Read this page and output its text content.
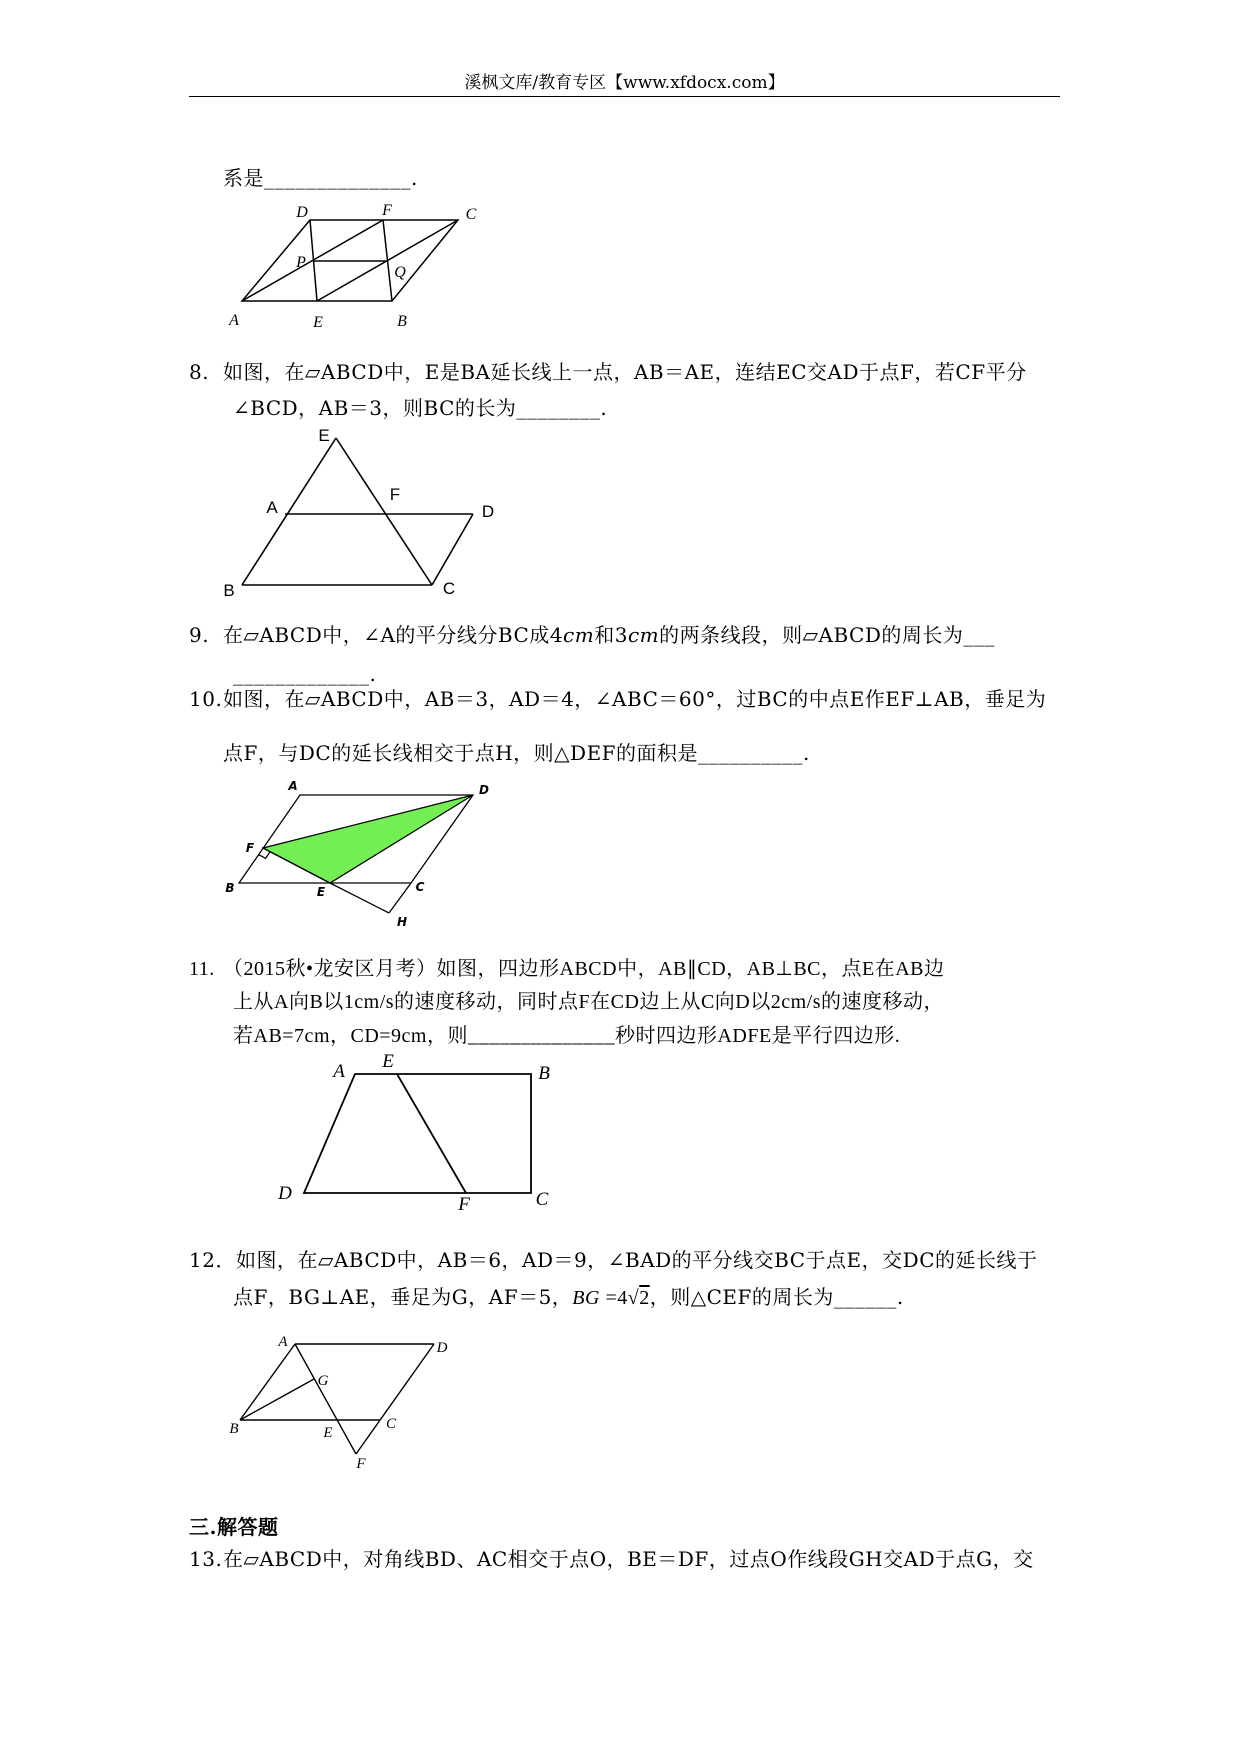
溪枫文库/教育专区【www.xfdocx.com】
系是______________.
D	F	C
P
Q
A	E	B
8. 如图，在▱ABCD中，E是BA延长线上一点，AB＝AE，连结EC交AD于点F，若CF平分
∠BCD，AB＝3，则BC的长为________.
E
A
F
D
B	C
9. 在▱ABCD中，∠A的平分线分BC成4cm和3cm的两条线段，则▱ABCD的周长为___
_____________.
10.如图，在▱ABCD中，AB＝3，AD＝4，∠ABC＝60°，过BC的中点E作EF⊥AB，垂足为
点F，与DC的延长线相交于点H，则△DEF的面积是__________.
A	D
F
B	E	C
H
11. （2015秋•龙安区月考）如图，四边形ABCD中，AB∥CD，AB⊥BC，点E在AB边
上从A向B以1cm/s的速度移动，同时点F在CD边上从C向D以2cm/s的速度移动，
若AB=7cm，CD=9cm，则______________秒时四边形ADFE是平行四边形.
A E
B
D
F	C
12．如图，在▱ABCD中，AB＝6，AD＝9，∠BAD的平分线交BC于点E，交DC的延长线于
点F，BG⊥AE，垂足为G，AF＝5，BG =4√2，则△CEF的周长为______.
A	D
G
B	E
C
F
三.解答题
13.在▱ABCD中，对角线BD、AC相交于点O，BE＝DF，过点O作线段GH交AD于点G，交
